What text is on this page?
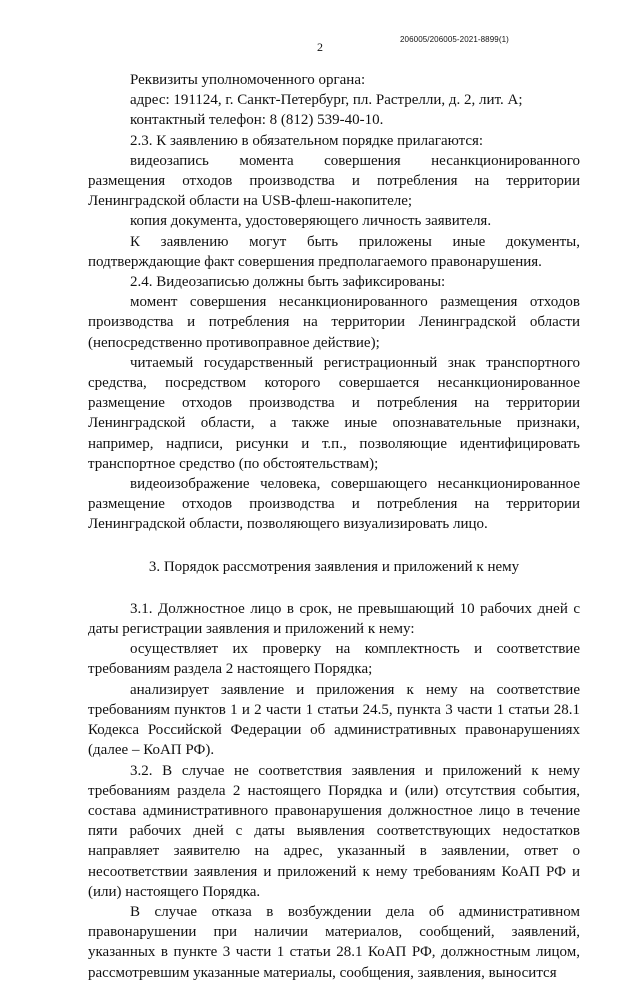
2
206005/206005-2021-8899(1)

Реквизиты уполномоченного органа:

адрес: 191124, г. Санкт-Петербург, пл. Растрелли, д. 2, лит. А;

контактный телефон: 8 (812) 539-40-10.

2.3. К заявлению в обязательном порядке прилагаются:

видеозапись момента совершения несанкционированного размещения отходов производства и потребления на территории Ленинградской области на USB-флеш-накопителе;

копия документа, удостоверяющего личность заявителя.

К заявлению могут быть приложены иные документы, подтверждающие факт совершения предполагаемого правонарушения.

2.4. Видеозаписью должны быть зафиксированы:

момент совершения несанкционированного размещения отходов производства и потребления на территории Ленинградской области (непосредственно противоправное действие);

читаемый государственный регистрационный знак транспортного средства, посредством которого совершается несанкционированное размещение отходов производства и потребления на территории Ленинградской области, а также иные опознавательные признаки, например, надписи, рисунки и т.п., позволяющие идентифицировать транспортное средство (по обстоятельствам);

видеоизображение человека, совершающего несанкционированное размещение отходов производства и потребления на территории Ленинградской области, позволяющего визуализировать лицо.

3. Порядок рассмотрения заявления и приложений к нему

3.1. Должностное лицо в срок, не превышающий 10 рабочих дней с даты регистрации заявления и приложений к нему:

осуществляет их проверку на комплектность и соответствие требованиям раздела 2 настоящего Порядка;

анализирует заявление и приложения к нему на соответствие требованиям пунктов 1 и 2 части 1 статьи 24.5, пункта 3 части 1 статьи 28.1 Кодекса Российской Федерации об административных правонарушениях (далее – КоАП РФ).

3.2. В случае не соответствия заявления и приложений к нему требованиям раздела 2 настоящего Порядка и (или) отсутствия события, состава административного правонарушения должностное лицо в течение пяти рабочих дней с даты выявления соответствующих недостатков направляет заявителю на адрес, указанный в заявлении, ответ о несоответствии заявления и приложений к нему требованиям КоАП РФ и (или) настоящего Порядка.

В случае отказа в возбуждении дела об административном правонарушении при наличии материалов, сообщений, заявлений, указанных в пункте 3 части 1 статьи 28.1 КоАП РФ, должностным лицом, рассмотревшим указанные материалы, сообщения, заявления, выносится
